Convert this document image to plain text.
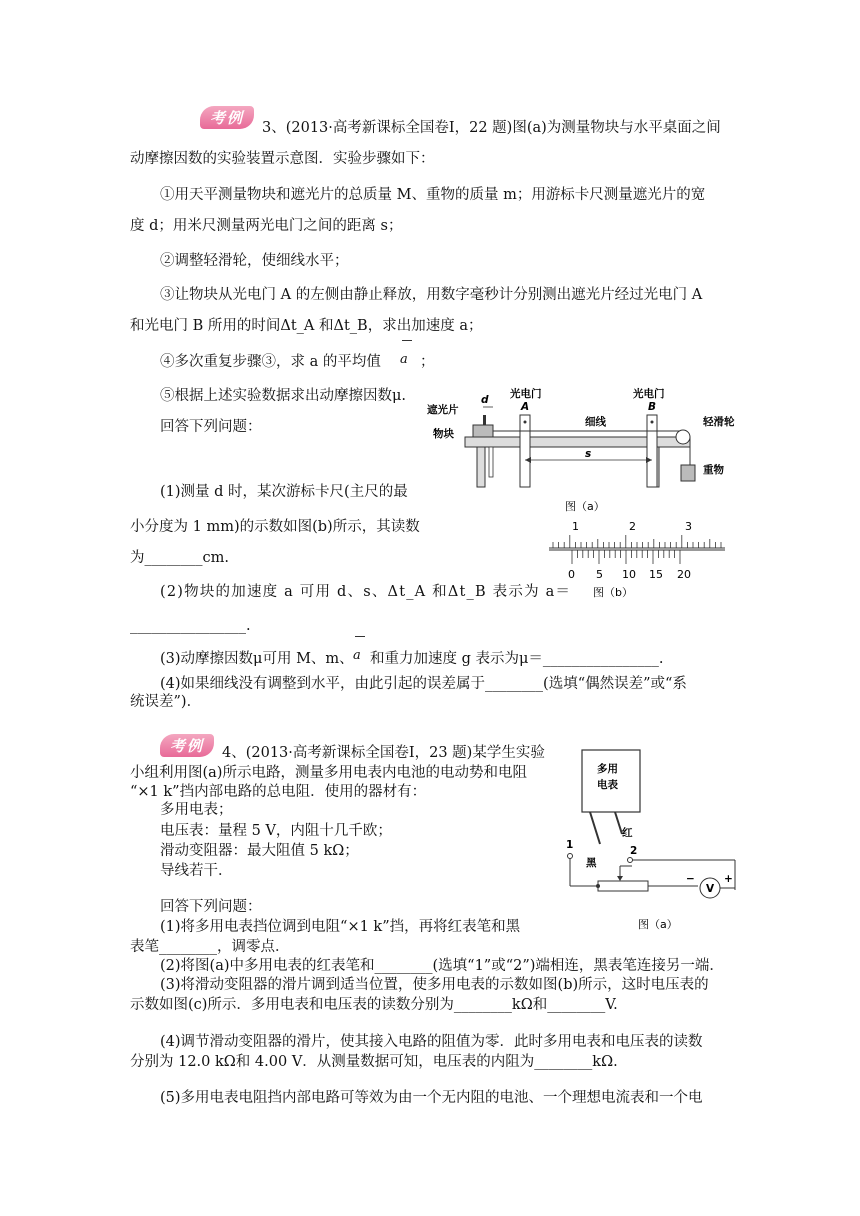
考例
3、(2013·高考新课标全国卷Ⅰ，22 题)图(a)为测量物块与水平桌面之间
动摩擦因数的实验装置示意图．实验步骤如下：
①用天平测量物块和遮光片的总质量 M、重物的质量 m；用游标卡尺测量遮光片的宽
度 d；用米尺测量两光电门之间的距离 s；
②调整轻滑轮，使细线水平；
③让物块从光电门 A 的左侧由静止释放，用数字毫秒计分别测出遮光片经过光电门 A
和光电门 B 所用的时间Δt_A 和Δt_B，求出加速度 a；
④多次重复步骤③，求 a 的平均值 a ；
⑤根据上述实验数据求出动摩擦因数μ.
回答下列问题：
(1)测量 d 时，某次游标卡尺(主尺的最
小分度为 1 mm)的示数如图(b)所示，其读数
为________cm.
(2)物块的加速度 a 可用 d、s、Δt_A 和Δt_B 表示为 a＝
________________.
(3)动摩擦因数μ可用 M、m、 a 和重力加速度 g 表示为μ＝________________.
(4)如果细线没有调整到水平，由此引起的误差属于________(选填“偶然误差”或“系
统误差”)．
遮光片
d
物块
光电门
A
光电门
B
细线	轻滑轮
s
重物
图（a）
1	2	3
0 5 10 15 20
图（b）
考例	4、(2013·高考新课标全国卷Ⅰ，23 题)某学生实验
小组利用图(a)所示电路，测量多用电表内电池的电动势和电阻
“×1 k”挡内部电路的总电阻．使用的器材有：
多用电表；
电压表：量程 5 V，内阻十几千欧；
滑动变阻器：最大阻值 5 kΩ；
导线若干．
回答下列问题：
(1)将多用电表挡位调到电阻“×1 k”挡，再将红表笔和黑
表笔________，调零点．
(2)将图(a)中多用电表的红表笔和________(选填“1”或“2”)端相连，黑表笔连接另一端．
(3)将滑动变阻器的滑片调到适当位置，使多用电表的示数如图(b)所示，这时电压表的
示数如图(c)所示．多用电表和电压表的读数分别为________kΩ和________V.
(4)调节滑动变阻器的滑片，使其接入电路的阻值为零．此时多用电表和电压表的读数
分别为 12.0 kΩ和 4.00 V．从测量数据可知，电压表的内阻为________kΩ.
(5)多用电表电阻挡内部电路可等效为由一个无内阻的电池、一个理想电流表和一个电
多用
电表
红
黑
1	2
V
−	+
图（a）
